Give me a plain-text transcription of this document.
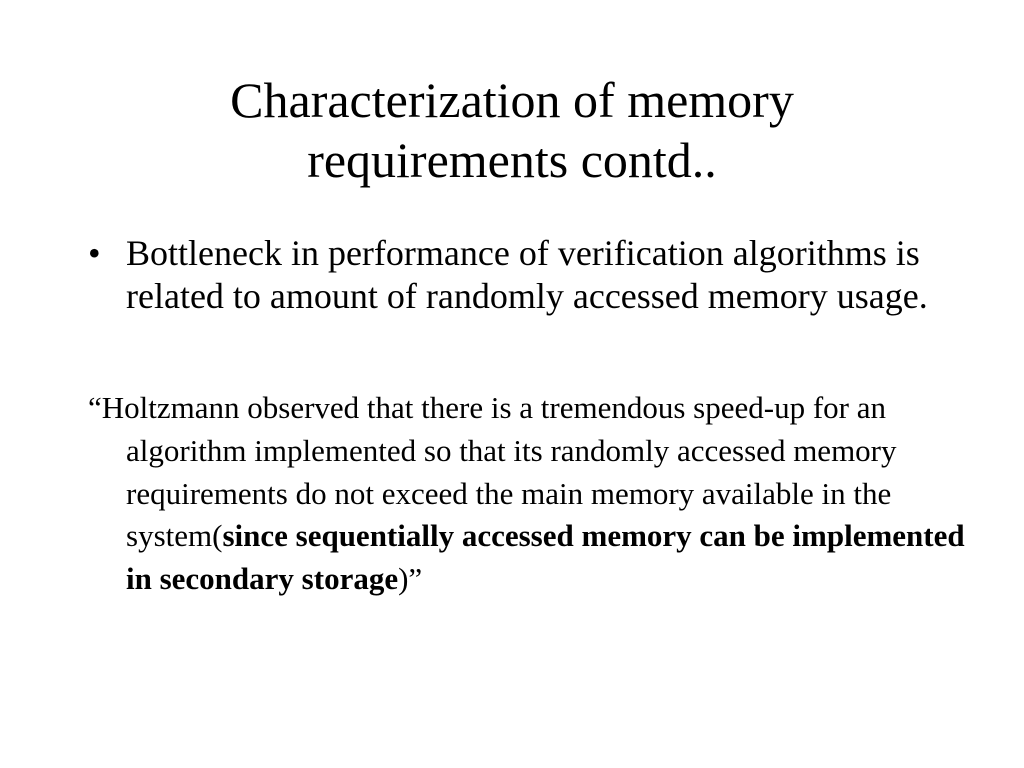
Characterization of memory
requirements contd..
• Bottleneck in performance of verification algorithms is related to amount of randomly accessed memory usage.
“Holtzmann observed that there is a tremendous speed-up for an algorithm implemented so that its randomly accessed memory requirements do not exceed the main memory available in the system(since sequentially accessed memory can be implemented in secondary storage)”
